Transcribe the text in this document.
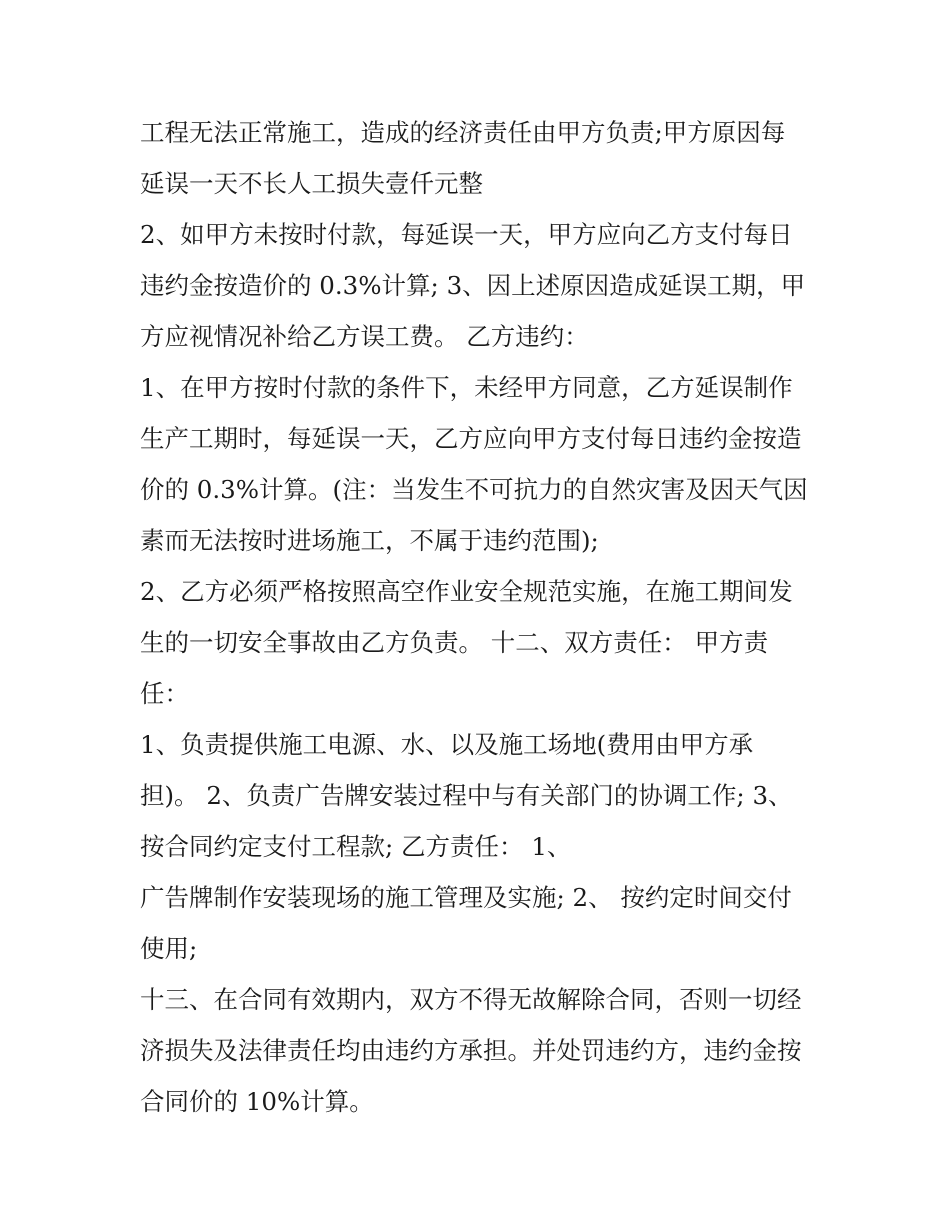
工程无法正常施工，造成的经济责任由甲方负责;甲方原因每
延误一天不长人工损失壹仟元整
2、如甲方未按时付款，每延误一天，甲方应向乙方支付每日
违约金按造价的 0.3%计算; 3、因上述原因造成延误工期，甲
方应视情况补给乙方误工费。 乙方违约：
1、在甲方按时付款的条件下，未经甲方同意，乙方延误制作
生产工期时，每延误一天，乙方应向甲方支付每日违约金按造
价的 0.3%计算。(注：当发生不可抗力的自然灾害及因天气因
素而无法按时进场施工，不属于违约范围);
2、乙方必须严格按照高空作业安全规范实施，在施工期间发
生的一切安全事故由乙方负责。 十二、双方责任： 甲方责
任：
1、负责提供施工电源、水、以及施工场地(费用由甲方承
担)。 2、负责广告牌安装过程中与有关部门的协调工作; 3、
按合同约定支付工程款; 乙方责任： 1、
广告牌制作安装现场的施工管理及实施; 2、 按约定时间交付
使用;
十三、在合同有效期内，双方不得无故解除合同，否则一切经
济损失及法律责任均由违约方承担。并处罚违约方，违约金按
合同价的 10%计算。
